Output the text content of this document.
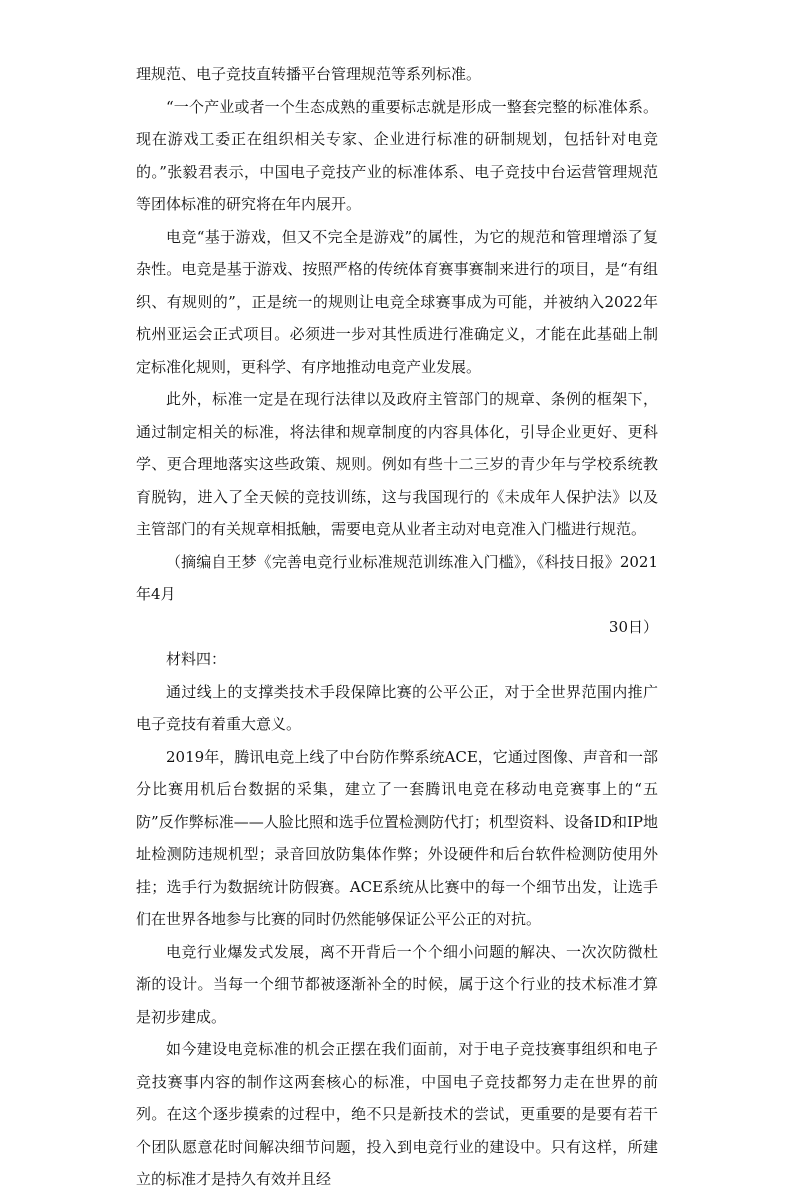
理规范、电子竞技直转播平台管理规范等系列标准。

“一个产业或者一个生态成熟的重要标志就是形成一整套完整的标准体系。现在游戏工委正在组织相关专家、企业进行标准的研制规划，包括针对电竞的。”张毅君表示，中国电子竞技产业的标准体系、电子竞技中台运营管理规范等团体标准的研究将在年内展开。

电竞“基于游戏，但又不完全是游戏”的属性，为它的规范和管理增添了复杂性。电竞是基于游戏、按照严格的传统体育赛事赛制来进行的项目，是“有组织、有规则的”，正是统一的规则让电竞全球赛事成为可能，并被纳入2022年杭州亚运会正式项目。必须进一步对其性质进行准确定义，才能在此基础上制定标准化规则，更科学、有序地推动电竞产业发展。

此外，标准一定是在现行法律以及政府主管部门的规章、条例的框架下，通过制定相关的标准，将法律和规章制度的内容具体化，引导企业更好、更科学、更合理地落实这些政策、规则。例如有些十二三岁的青少年与学校系统教育脱钩，进入了全天候的竞技训练，这与我国现行的《未成年人保护法》以及主管部门的有关规章相抵触，需要电竞从业者主动对电竞准入门槛进行规范。

（摘编自王梦《完善电竞行业标准规范训练准入门槛》，《科技日报》2021年4月

30日）

材料四：

通过线上的支撑类技术手段保障比赛的公平公正，对于全世界范围内推广电子竞技有着重大意义。

2019年，腾讯电竞上线了中台防作弊系统ACE，它通过图像、声音和一部分比赛用机后台数据的采集，建立了一套腾讯电竞在移动电竞赛事上的“五防”反作弊标准——人脸比照和选手位置检测防代打；机型资料、设备ID和IP地址检测防违规机型；录音回放防集体作弊；外设硬件和后台软件检测防使用外挂；选手行为数据统计防假赛。ACE系统从比赛中的每一个细节出发，让选手们在世界各地参与比赛的同时仍然能够保证公平公正的对抗。

电竞行业爆发式发展，离不开背后一个个细小问题的解决、一次次防微杜渐的设计。当每一个细节都被逐渐补全的时候，属于这个行业的技术标准才算是初步建成。

如今建设电竞标准的机会正摆在我们面前，对于电子竞技赛事组织和电子竞技赛事内容的制作这两套核心的标准，中国电子竞技都努力走在世界的前列。在这个逐步摸索的过程中，绝不只是新技术的尝试，更重要的是要有若干个团队愿意花时间解决细节问题，投入到电竞行业的建设中。只有这样，所建立的标准才是持久有效并且经
